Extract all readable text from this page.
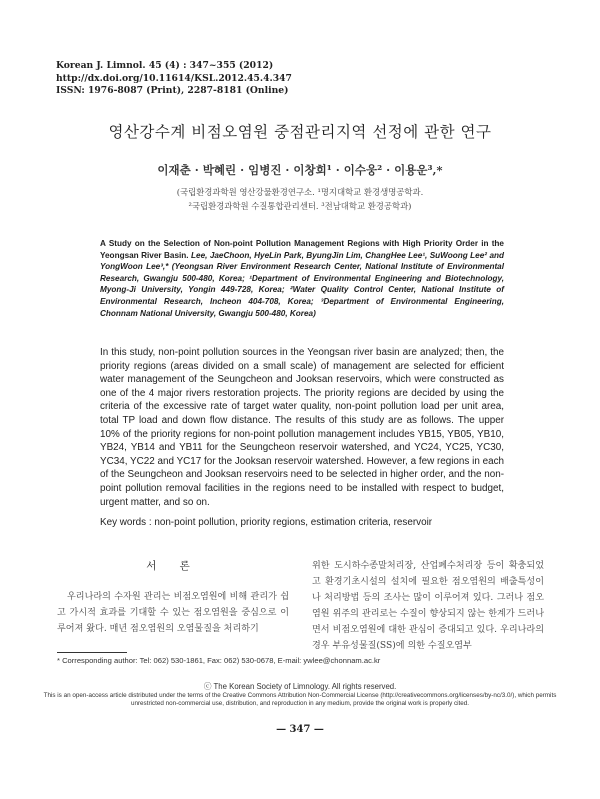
Korean J. Limnol. 45 (4) : 347~355 (2012)
http://dx.doi.org/10.11614/KSL.2012.45.4.347
ISSN: 1976-8087 (Print), 2287-8181 (Online)
영산강수계 비점오염원 중점관리지역 선정에 관한 연구
이재춘 · 박혜린 · 임병진 · 이창희¹ · 이수웅² · 이용운³,*
(국립환경과학원 영산강물환경연구소. ¹명지대학교 환경생명공학과.
²국립환경과학원 수질통합관리센터. ³전남대학교 환경공학과)
A Study on the Selection of Non-point Pollution Management Regions with High Priority Order in the Yeongsan River Basin. Lee, JaeChoon, HyeLin Park, ByungJin Lim, ChangHee Lee¹, SuWoong Lee² and YongWoon Lee³,* (Yeongsan River Environment Research Center, National Institute of Environmental Research, Gwangju 500-480, Korea; ¹Department of Environmental Engineering and Biotechnology, Myong-Ji University, Yongin 449-728, Korea; ²Water Quality Control Center, National Institute of Environmental Research, Incheon 404-708, Korea; ³Department of Environmental Engineering, Chonnam National University, Gwangju 500-480, Korea)
In this study, non-point pollution sources in the Yeongsan river basin are analyzed; then, the priority regions (areas divided on a small scale) of management are selected for efficient water management of the Seungcheon and Jooksan reservoirs, which were constructed as one of the 4 major rivers restoration projects. The priority regions are decided by using the criteria of the excessive rate of target water quality, non-point pollution load per unit area, total TP load and down flow distance. The results of this study are as follows. The upper 10% of the priority regions for non-point pollution management includes YB15, YB05, YB10, YB24, YB14 and YB11 for the Seungcheon reservoir watershed, and YC24, YC25, YC30, YC34, YC22 and YC17 for the Jooksan reservoir watershed. However, a few regions in each of the Seungcheon and Jooksan reservoirs need to be selected in higher order, and the non-point pollution removal facilities in the regions need to be installed with respect to budget, urgent matter, and so on.
Key words : non-point pollution, priority regions, estimation criteria, reservoir
서 론
우리나라의 수자원 관리는 비점오염원에 비해 관리가 쉽고 가시적 효과를 기대할 수 있는 점오염원을 중심으로 이루어져 왔다. 매년 점오염원의 오염물질을 처리하기
위한 도시하수종말처리장, 산업폐수처리장 등이 확충되었고 환경기초시설의 설치에 필요한 점오염원의 배출특성이나 처리방법 등의 조사는 많이 이루어져 있다. 그러나 점오염원 위주의 관리로는 수질이 향상되지 않는 한계가 드러나면서 비점오염원에 대한 관심이 증대되고 있다. 우리나라의 경우 부유성물질(SS)에 의한 수질오염부
* Corresponding author: Tel: 062) 530-1861, Fax: 062) 530-0678, E-mail: ywlee@chonnam.ac.kr
ⓒ The Korean Society of Limnology. All rights reserved.
This is an open-access article distributed under the terms of the Creative Commons Attribution Non-Commercial License (http://creativecommons.org/licenses/by-nc/3.0/), which permits unrestricted non-commercial use, distribution, and reproduction in any medium, provide the original work is properly cited.
— 347 —
